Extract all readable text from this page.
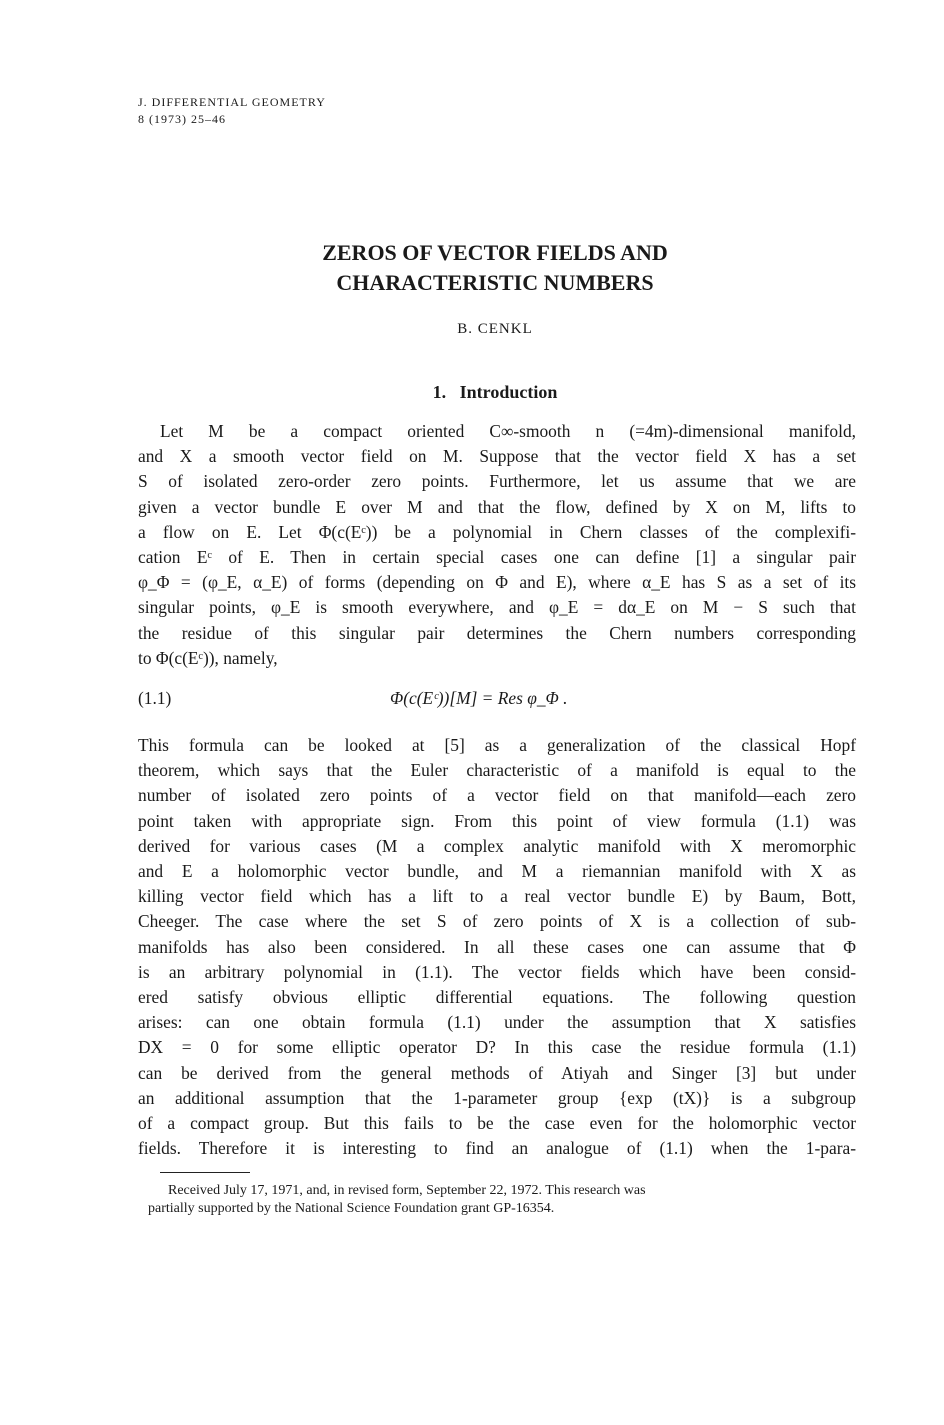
J. DIFFERENTIAL GEOMETRY
8 (1973) 25–46
ZEROS OF VECTOR FIELDS AND
CHARACTERISTIC NUMBERS
B. CENKL
1. Introduction
Let M be a compact oriented C∞-smooth n (=4m)-dimensional manifold,
and X a smooth vector field on M. Suppose that the vector field X has a set
S of isolated zero-order zero points. Furthermore, let us assume that we are
given a vector bundle E over M and that the flow, defined by X on M, lifts to
a flow on E. Let Φ(c(Eᶜ)) be a polynomial in Chern classes of the complexifi-
cation Eᶜ of E. Then in certain special cases one can define [1] a singular pair
φ_Φ = (φ_E, α_E) of forms (depending on Φ and E), where α_E has S as a set of its
singular points, φ_E is smooth everywhere, and φ_E = dα_E on M − S such that
the residue of this singular pair determines the Chern numbers corresponding
to Φ(c(Eᶜ)), namely,
(1.1)	Φ(c(Eᶜ))[M] = Res φ_Φ .
This formula can be looked at [5] as a generalization of the classical Hopf
theorem, which says that the Euler characteristic of a manifold is equal to the
number of isolated zero points of a vector field on that manifold—each zero
point taken with appropriate sign. From this point of view formula (1.1) was
derived for various cases (M a complex analytic manifold with X meromorphic
and E a holomorphic vector bundle, and M a riemannian manifold with X as
killing vector field which has a lift to a real vector bundle E) by Baum, Bott,
Cheeger. The case where the set S of zero points of X is a collection of sub-
manifolds has also been considered. In all these cases one can assume that Φ
is an arbitrary polynomial in (1.1). The vector fields which have been consid-
ered satisfy obvious elliptic differential equations. The following question
arises: can one obtain formula (1.1) under the assumption that X satisfies
DX = 0 for some elliptic operator D? In this case the residue formula (1.1)
can be derived from the general methods of Atiyah and Singer [3] but under
an additional assumption that the 1-parameter group {exp (tX)} is a subgroup
of a compact group. But this fails to be the case even for the holomorphic vector
fields. Therefore it is interesting to find an analogue of (1.1) when the 1-para-
Received July 17, 1971, and, in revised form, September 22, 1972. This research was
partially supported by the National Science Foundation grant GP-16354.
